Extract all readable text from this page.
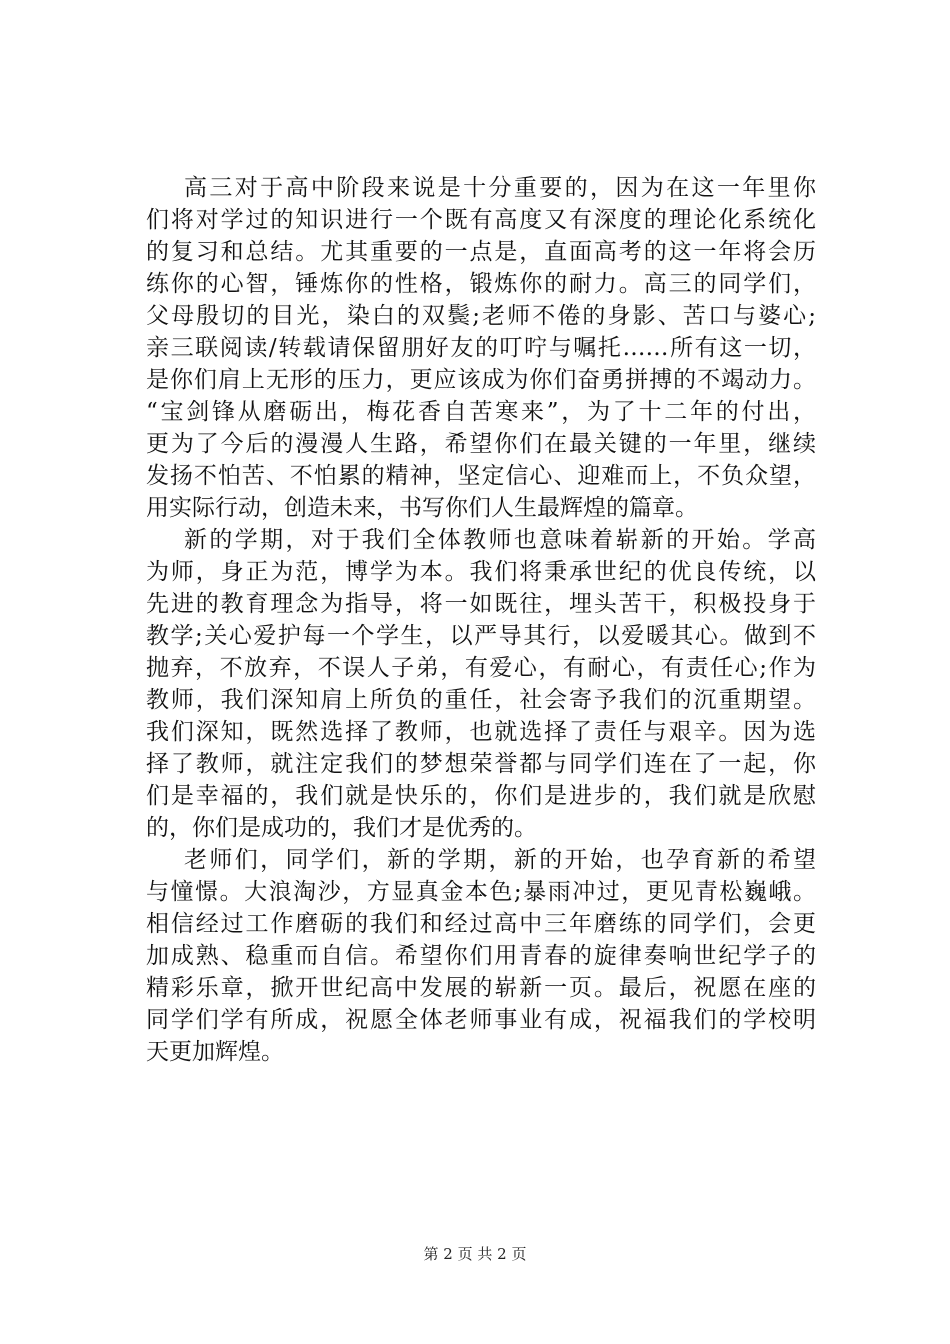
高三对于高中阶段来说是十分重要的，因为在这一年里你
们将对学过的知识进行一个既有高度又有深度的理论化系统化
的复习和总结。尤其重要的一点是，直面高考的这一年将会历
练你的心智，锤炼你的性格，锻炼你的耐力。高三的同学们，
父母殷切的目光，染白的双鬓;老师不倦的身影、苦口与婆心;
亲三联阅读/转载请保留朋好友的叮咛与嘱托……所有这一切，
是你们肩上无形的压力，更应该成为你们奋勇拼搏的不竭动力。
“宝剑锋从磨砺出，梅花香自苦寒来”，为了十二年的付出，
更为了今后的漫漫人生路，希望你们在最关键的一年里，继续
发扬不怕苦、不怕累的精神，坚定信心、迎难而上，不负众望，
用实际行动，创造未来，书写你们人生最辉煌的篇章。
新的学期，对于我们全体教师也意味着崭新的开始。学高
为师，身正为范，博学为本。我们将秉承世纪的优良传统，以
先进的教育理念为指导，将一如既往，埋头苦干，积极投身于
教学;关心爱护每一个学生，以严导其行，以爱暖其心。做到不
抛弃，不放弃，不误人子弟，有爱心，有耐心，有责任心;作为
教师，我们深知肩上所负的重任，社会寄予我们的沉重期望。
我们深知，既然选择了教师，也就选择了责任与艰辛。因为选
择了教师，就注定我们的梦想荣誉都与同学们连在了一起，你
们是幸福的，我们就是快乐的，你们是进步的，我们就是欣慰
的，你们是成功的，我们才是优秀的。
老师们，同学们，新的学期，新的开始，也孕育新的希望
与憧憬。大浪淘沙，方显真金本色;暴雨冲过，更见青松巍峨。
相信经过工作磨砺的我们和经过高中三年磨练的同学们，会更
加成熟、稳重而自信。希望你们用青春的旋律奏响世纪学子的
精彩乐章，掀开世纪高中发展的崭新一页。最后，祝愿在座的
同学们学有所成，祝愿全体老师事业有成，祝福我们的学校明
天更加辉煌。
第 2 页 共 2 页
